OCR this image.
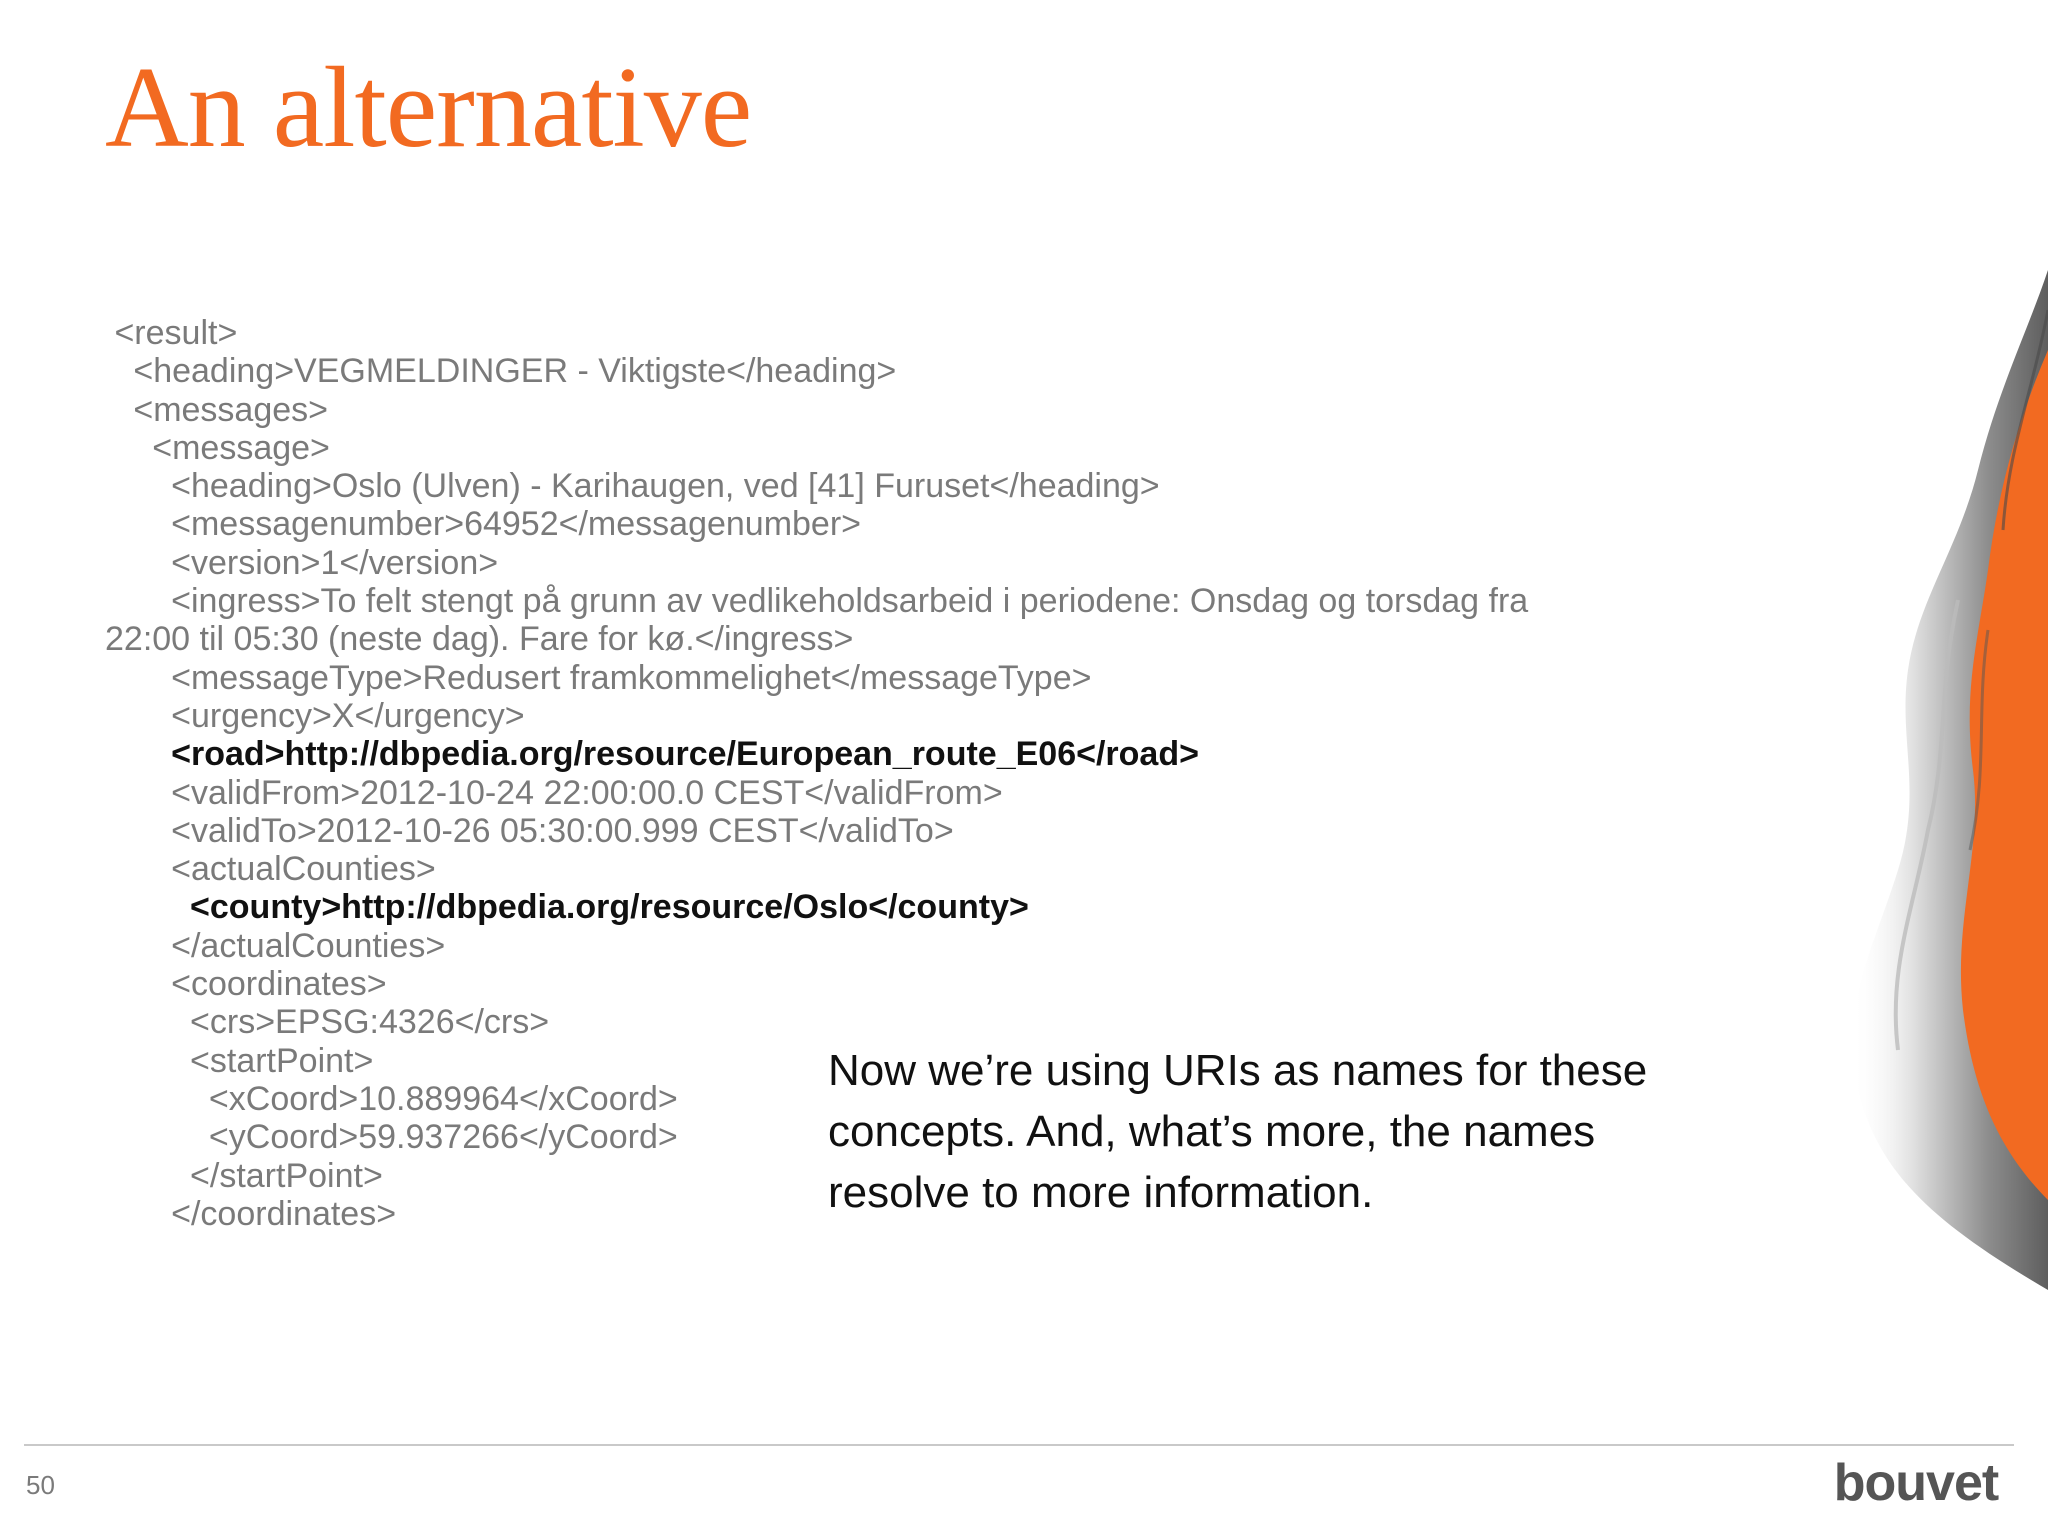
An alternative
<result>
<heading>VEGMELDINGER - Viktigste</heading>
<messages>
<message>
<heading>Oslo (Ulven) - Karihaugen, ved [41] Furuset</heading>
<messagenumber>64952</messagenumber>
<version>1</version>
<ingress>To felt stengt på grunn av vedlikeholdsarbeid i periodene: Onsdag og torsdag fra
22:00 til 05:30 (neste dag). Fare for kø.</ingress>
<messageType>Redusert framkommelighet</messageType>
<urgency>X</urgency>
<road>http://dbpedia.org/resource/European_route_E06</road>
<validFrom>2012-10-24 22:00:00.0 CEST</validFrom>
<validTo>2012-10-26 05:30:00.999 CEST</validTo>
<actualCounties>
<county>http://dbpedia.org/resource/Oslo</county>
</actualCounties>
<coordinates>
<crs>EPSG:4326</crs>
<startPoint>
<xCoord>10.889964</xCoord>
<yCoord>59.937266</yCoord>
</startPoint>
</coordinates>

Now we’re using URIs as names for these concepts. And, what’s more, the names resolve to more information.

50	bouvet
